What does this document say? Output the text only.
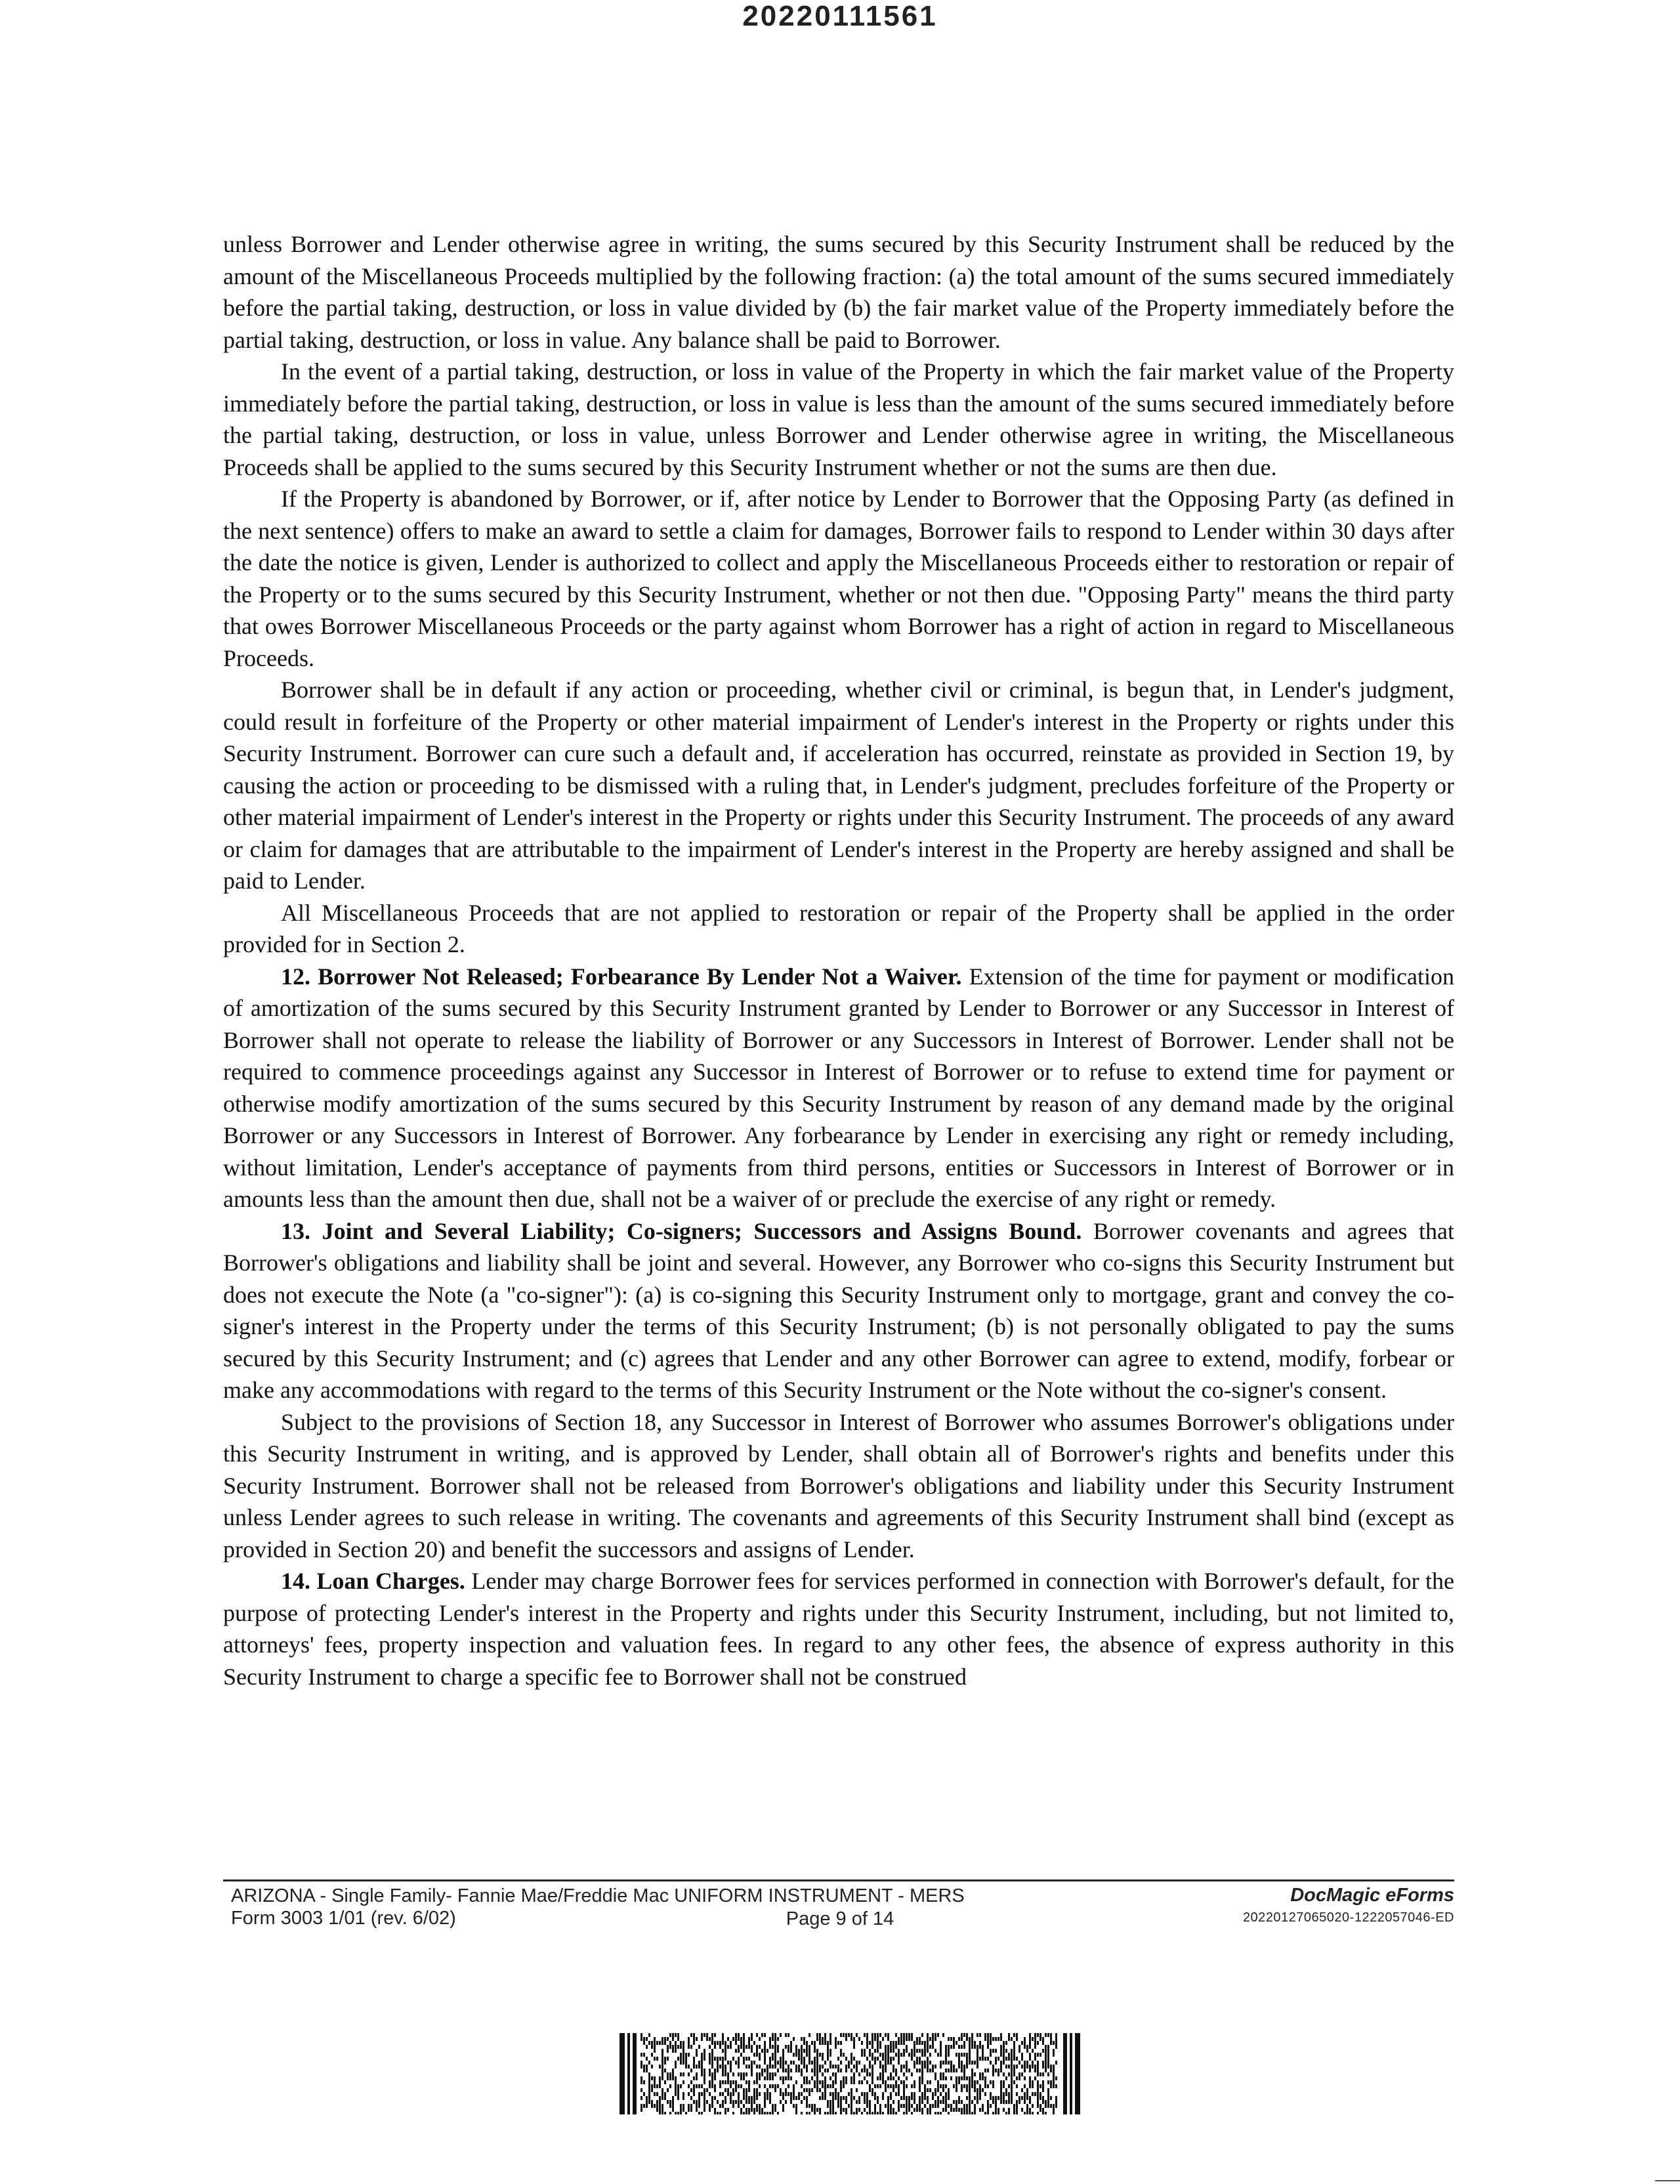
20220111561

unless Borrower and Lender otherwise agree in writing, the sums secured by this Security Instrument shall be reduced by the amount of the Miscellaneous Proceeds multiplied by the following fraction: (a) the total amount of the sums secured immediately before the partial taking, destruction, or loss in value divided by (b) the fair market value of the Property immediately before the partial taking, destruction, or loss in value. Any balance shall be paid to Borrower.

In the event of a partial taking, destruction, or loss in value of the Property in which the fair market value of the Property immediately before the partial taking, destruction, or loss in value is less than the amount of the sums secured immediately before the partial taking, destruction, or loss in value, unless Borrower and Lender otherwise agree in writing, the Miscellaneous Proceeds shall be applied to the sums secured by this Security Instrument whether or not the sums are then due.

If the Property is abandoned by Borrower, or if, after notice by Lender to Borrower that the Opposing Party (as defined in the next sentence) offers to make an award to settle a claim for damages, Borrower fails to respond to Lender within 30 days after the date the notice is given, Lender is authorized to collect and apply the Miscellaneous Proceeds either to restoration or repair of the Property or to the sums secured by this Security Instrument, whether or not then due. "Opposing Party" means the third party that owes Borrower Miscellaneous Proceeds or the party against whom Borrower has a right of action in regard to Miscellaneous Proceeds.

Borrower shall be in default if any action or proceeding, whether civil or criminal, is begun that, in Lender's judgment, could result in forfeiture of the Property or other material impairment of Lender's interest in the Property or rights under this Security Instrument. Borrower can cure such a default and, if acceleration has occurred, reinstate as provided in Section 19, by causing the action or proceeding to be dismissed with a ruling that, in Lender's judgment, precludes forfeiture of the Property or other material impairment of Lender's interest in the Property or rights under this Security Instrument. The proceeds of any award or claim for damages that are attributable to the impairment of Lender's interest in the Property are hereby assigned and shall be paid to Lender.

All Miscellaneous Proceeds that are not applied to restoration or repair of the Property shall be applied in the order provided for in Section 2.

12. Borrower Not Released; Forbearance By Lender Not a Waiver. Extension of the time for payment or modification of amortization of the sums secured by this Security Instrument granted by Lender to Borrower or any Successor in Interest of Borrower shall not operate to release the liability of Borrower or any Successors in Interest of Borrower. Lender shall not be required to commence proceedings against any Successor in Interest of Borrower or to refuse to extend time for payment or otherwise modify amortization of the sums secured by this Security Instrument by reason of any demand made by the original Borrower or any Successors in Interest of Borrower. Any forbearance by Lender in exercising any right or remedy including, without limitation, Lender's acceptance of payments from third persons, entities or Successors in Interest of Borrower or in amounts less than the amount then due, shall not be a waiver of or preclude the exercise of any right or remedy.

13. Joint and Several Liability; Co-signers; Successors and Assigns Bound. Borrower covenants and agrees that Borrower's obligations and liability shall be joint and several. However, any Borrower who co-signs this Security Instrument but does not execute the Note (a "co-signer"): (a) is co-signing this Security Instrument only to mortgage, grant and convey the co-signer's interest in the Property under the terms of this Security Instrument; (b) is not personally obligated to pay the sums secured by this Security Instrument; and (c) agrees that Lender and any other Borrower can agree to extend, modify, forbear or make any accommodations with regard to the terms of this Security Instrument or the Note without the co-signer's consent.

Subject to the provisions of Section 18, any Successor in Interest of Borrower who assumes Borrower's obligations under this Security Instrument in writing, and is approved by Lender, shall obtain all of Borrower's rights and benefits under this Security Instrument. Borrower shall not be released from Borrower's obligations and liability under this Security Instrument unless Lender agrees to such release in writing. The covenants and agreements of this Security Instrument shall bind (except as provided in Section 20) and benefit the successors and assigns of Lender.

14. Loan Charges. Lender may charge Borrower fees for services performed in connection with Borrower's default, for the purpose of protecting Lender's interest in the Property and rights under this Security Instrument, including, but not limited to, attorneys' fees, property inspection and valuation fees. In regard to any other fees, the absence of express authority in this Security Instrument to charge a specific fee to Borrower shall not be construed

ARIZONA - Single Family- Fannie Mae/Freddie Mac UNIFORM INSTRUMENT - MERS
Form 3003 1/01 (rev. 6/02)	Page 9 of 14
DocMagic eForms
20220127065020-1222057046-ED
